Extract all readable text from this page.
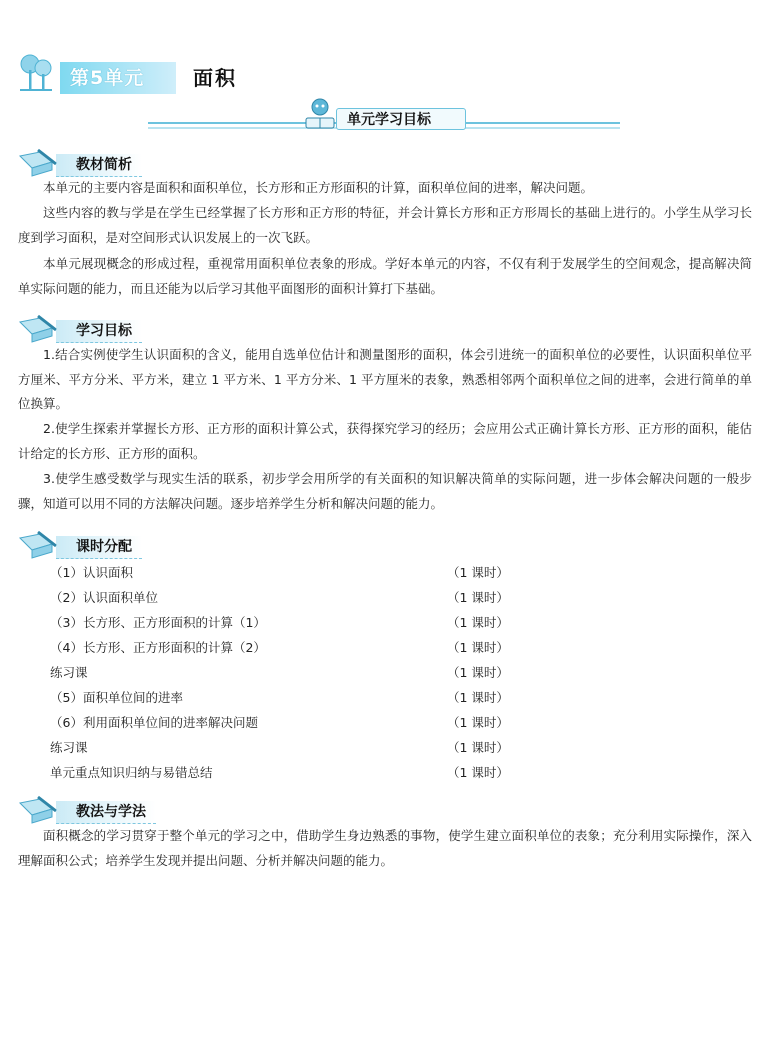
第5单元	面积
单元学习目标
教材简析

本单元的主要内容是面积和面积单位，长方形和正方形面积的计算，面积单位间的进率，解决问题。

这些内容的教与学是在学生已经掌握了长方形和正方形的特征，并会计算长方形和正方形周长的基础上进行的。小学生从学习长度到学习面积，是对空间形式认识发展上的一次飞跃。

本单元展现概念的形成过程，重视常用面积单位表象的形成。学好本单元的内容，不仅有利于发展学生的空间观念，提高解决简单实际问题的能力，而且还能为以后学习其他平面图形的面积计算打下基础。

学习目标

1.结合实例使学生认识面积的含义，能用自选单位估计和测量图形的面积，体会引进统一的面积单位的必要性，认识面积单位平方厘米、平方分米、平方米，建立 1 平方米、1 平方分米、1 平方厘米的表象，熟悉相邻两个面积单位之间的进率，会进行简单的单位换算。

2.使学生探索并掌握长方形、正方形的面积计算公式，获得探究学习的经历；会应用公式正确计算长方形、正方形的面积，能估计给定的长方形、正方形的面积。

3.使学生感受数学与现实生活的联系，初步学会用所学的有关面积的知识解决简单的实际问题，进一步体会解决问题的一般步骤，知道可以用不同的方法解决问题。逐步培养学生分析和解决问题的能力。

课时分配
（1）认识面积	（1 课时）
（2）认识面积单位	（1 课时）
（3）长方形、正方形面积的计算（1）	（1 课时）
（4）长方形、正方形面积的计算（2）	（1 课时）
练习课	（1 课时）
（5）面积单位间的进率	（1 课时）
（6）利用面积单位间的进率解决问题	（1 课时）
练习课	（1 课时）
单元重点知识归纳与易错总结	（1 课时）
教法与学法

面积概念的学习贯穿于整个单元的学习之中，借助学生身边熟悉的事物，使学生建立面积单位的表象；充分利用实际操作，深入理解面积公式；培养学生发现并提出问题、分析并解决问题的能力。
